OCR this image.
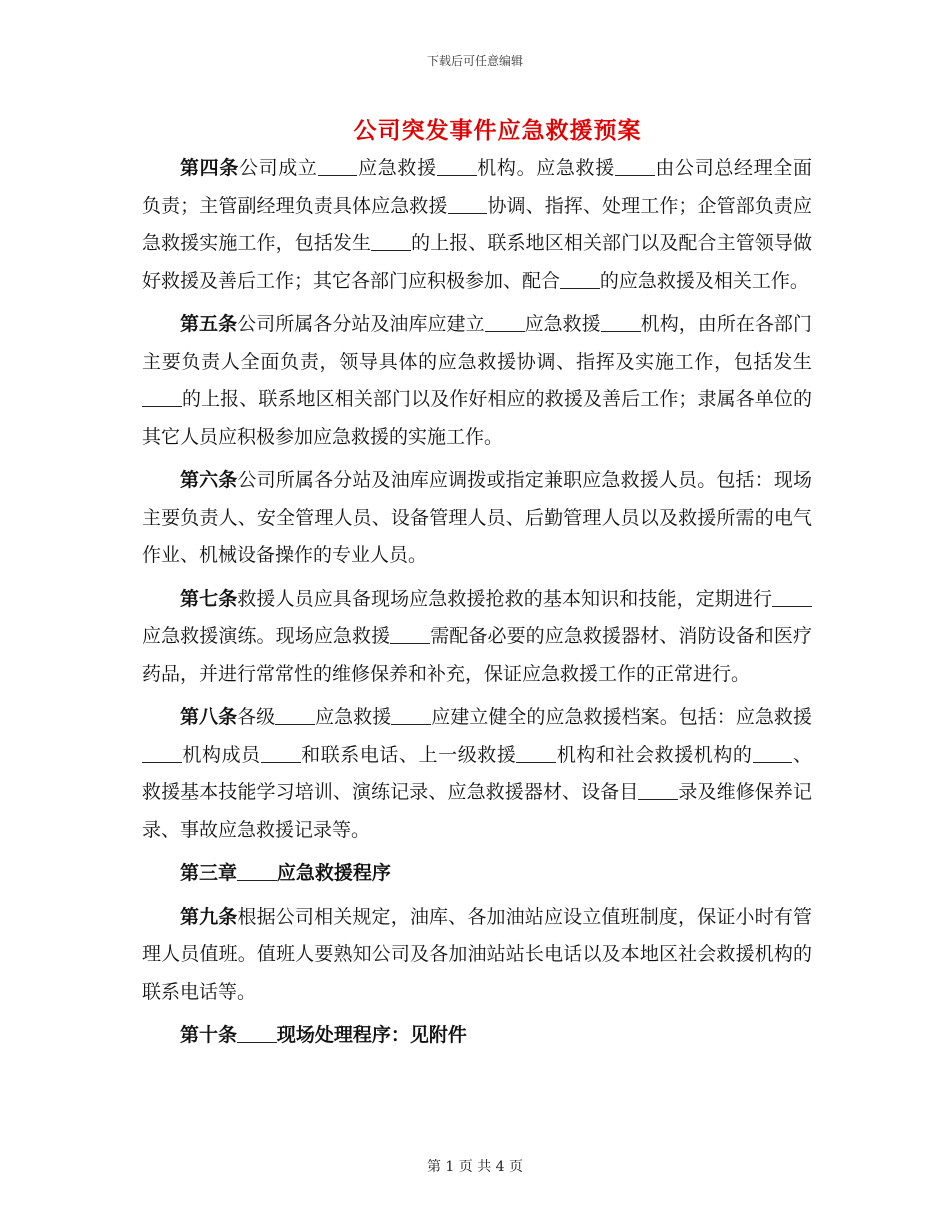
下载后可任意编辑
公司突发事件应急救援预案

第四条公司成立 应急救援 机构。应急救援 由公司总经理全面负责；主管副经理负责具体应急救援 协调、指挥、处理工作；企管部负责应急救援实施工作，包括发生 的上报、联系地区相关部门以及配合主管领导做好救援及善后工作；其它各部门应积极参加、配合 的应急救援及相关工作。

第五条公司所属各分站及油库应建立 应急救援 机构，由所在各部门主要负责人全面负责，领导具体的应急救援协调、指挥及实施工作，包括发生的上报、联系地区相关部门以及作好相应的救援及善后工作；隶属各单位的其它人员应积极参加应急救援的实施工作。

第六条公司所属各分站及油库应调拨或指定兼职应急救援人员。包括：现场主要负责人、安全管理人员、设备管理人员、后勤管理人员以及救援所需的电气作业、机械设备操作的专业人员。

第七条救援人员应具备现场应急救援抢救的基本知识和技能，定期进行应急救援演练。现场应急救援 需配备必要的应急救援器材、消防设备和医疗药品，并进行常常性的维修保养和补充，保证应急救援工作的正常进行。

第八条各级 应急救援 应建立健全的应急救援档案。包括：应急救援机构成员 和联系电话、上一级救援 机构和社会救援机构的 、救援基本技能学习培训、演练记录、应急救援器材、设备目 录及维修保养记录、事故应急救援记录等。

第三章 应急救援程序

第九条根据公司相关规定，油库、各加油站应设立值班制度，保证小时有管理人员值班。值班人要熟知公司及各加油站站长电话以及本地区社会救援机构的联系电话等。

第十条 现场处理程序：见附件

第 1 页 共 4 页
